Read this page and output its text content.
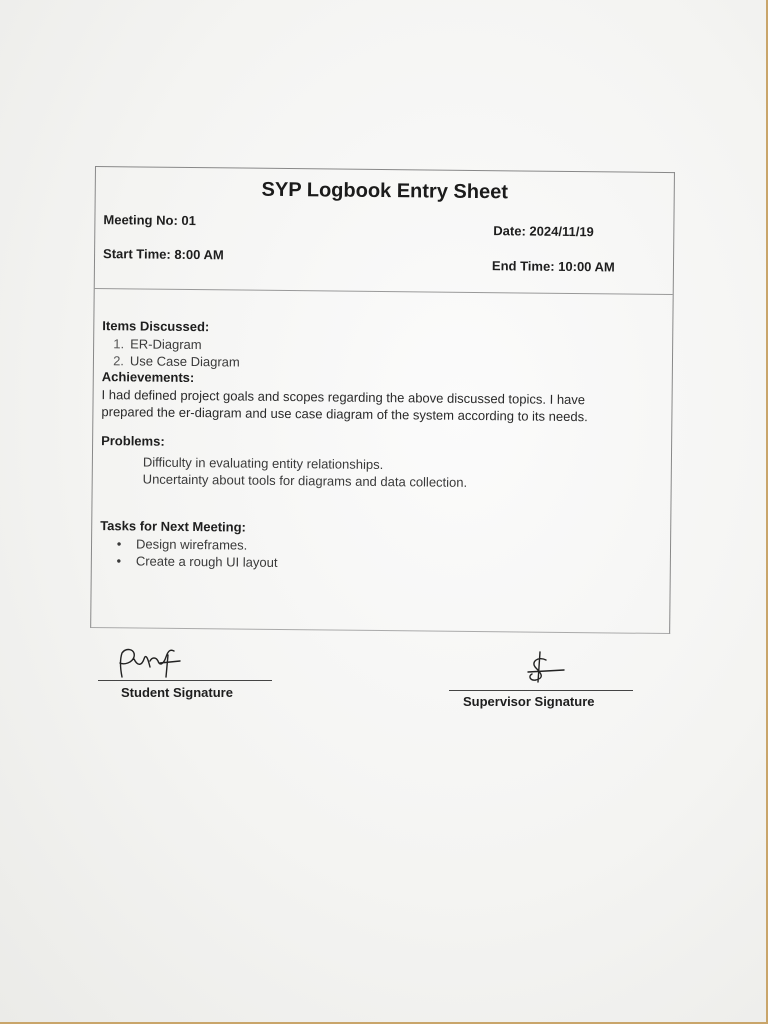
SYP Logbook Entry Sheet
Meeting No: 01
Date: 2024/11/19
Start Time: 8:00 AM
End Time: 10:00 AM
Items Discussed:
1. ER-Diagram
2. Use Case Diagram
Achievements:
I had defined project goals and scopes regarding the above discussed topics. I have
prepared the er-diagram and use case diagram of the system according to its needs.
Problems:
Difficulty in evaluating entity relationships.
Uncertainty about tools for diagrams and data collection.
Tasks for Next Meeting:
• Design wireframes.
• Create a rough UI layout
Student Signature
Supervisor Signature
